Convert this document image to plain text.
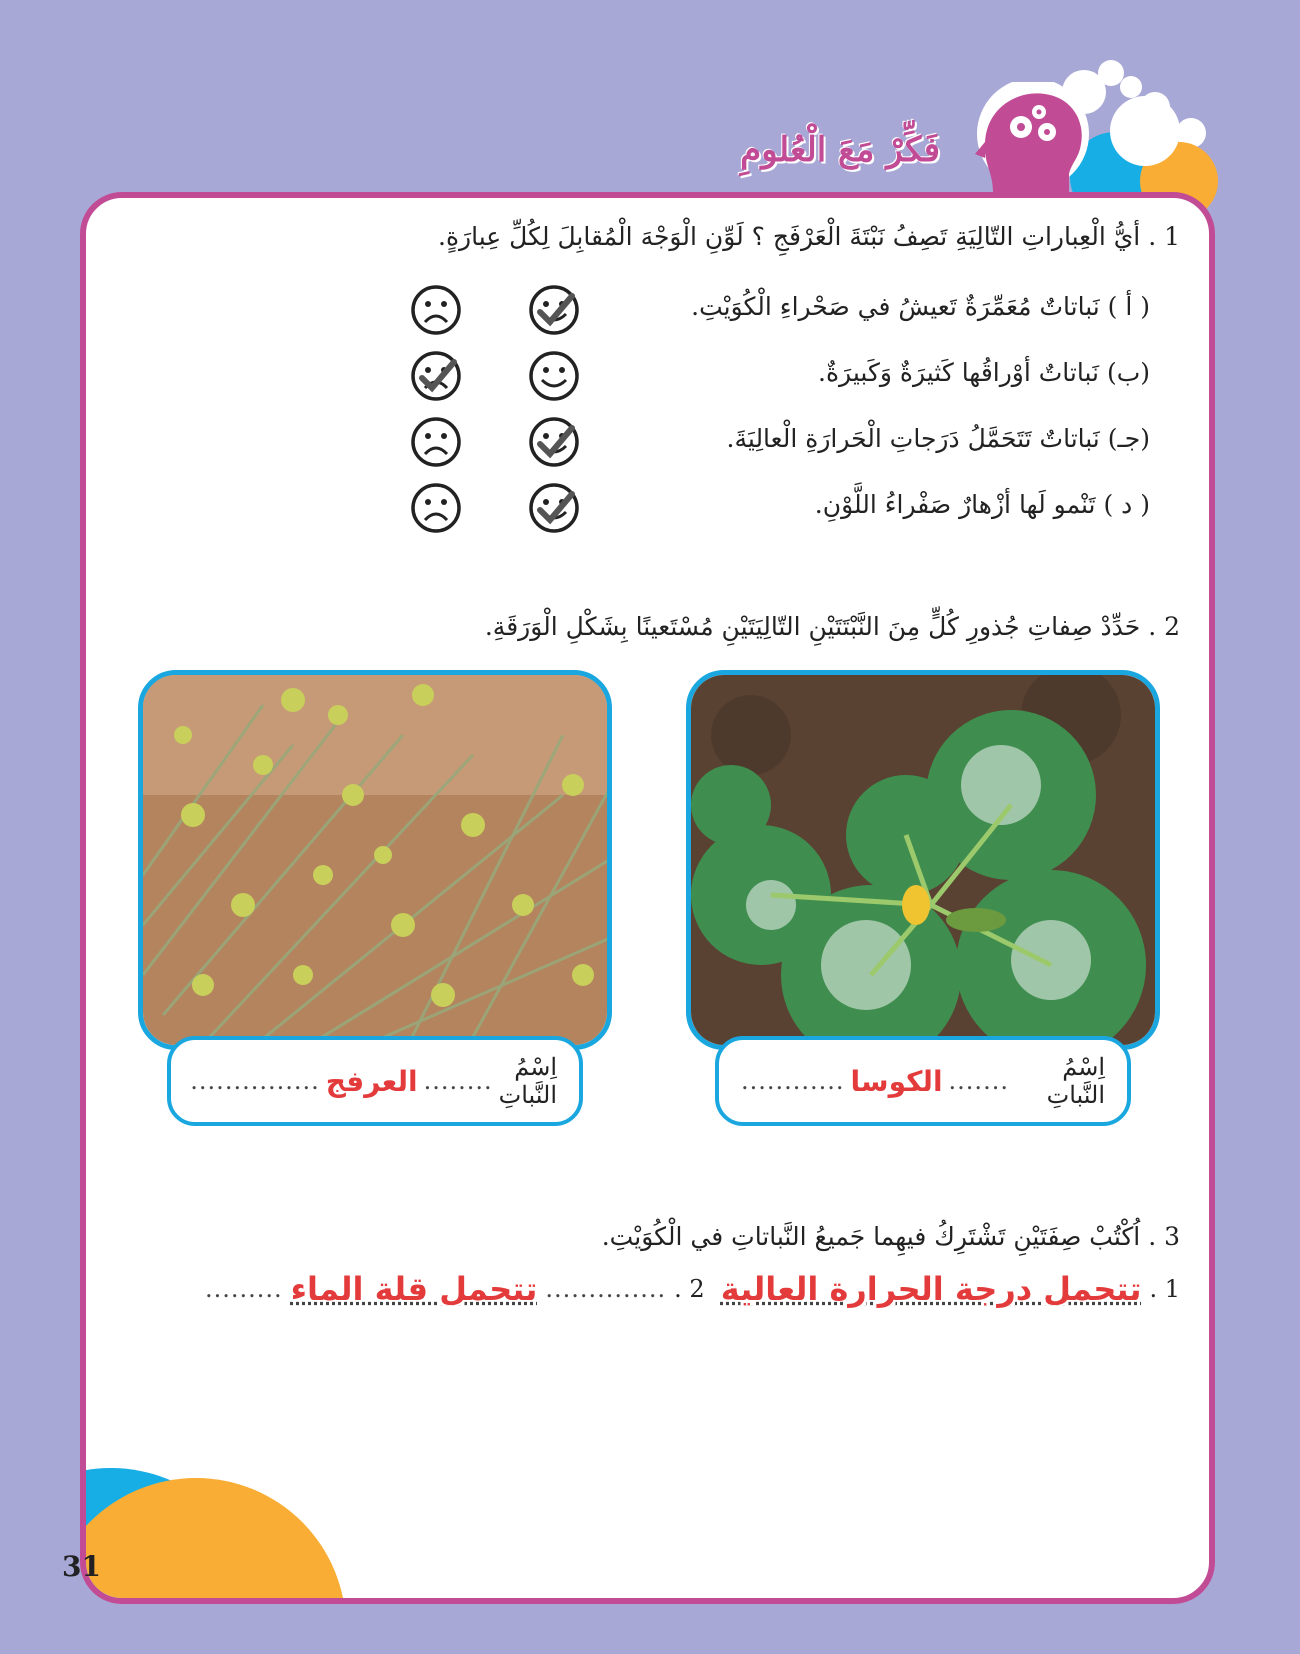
فَكِّرْ مَعَ الْعُلومِ
1 . أيُّ الْعِباراتِ التّالِيَةِ تَصِفُ نَبْتَةَ الْعَرْفَجِ ؟ لَوِّنِ الْوَجْهَ الْمُقابِلَ لِكُلِّ عِبارَةٍ.
( أ ) نَباتاتٌ مُعَمِّرَةٌ تَعيشُ في صَحْراءِ الْكُوَيْتِ.
(ب) نَباتاتٌ أوْراقُها كَثيرَةٌ وَكَبيرَةٌ.
(جـ) نَباتاتٌ تَتَحَمَّلُ دَرَجاتِ الْحَرارَةِ الْعالِيَةَ.
( د ) تَنْمو لَها أزْهارٌ صَفْراءُ اللَّوْنِ.
2 . حَدِّدْ صِفاتِ جُذورِ كُلٍّ مِنَ النَّبْتَتَيْنِ التّالِيَتَيْنِ مُسْتَعينًا بِشَكْلِ الْوَرَقَةِ.
اِسْمُ النَّباتِ
.......
الكوسا
............
اِسْمُ النَّباتِ
........
العرفج
...............
3 . اُكْتُبْ صِفَتَيْنِ تَشْتَرِكُ فيهِما جَميعُ النَّباتاتِ في الْكُوَيْتِ.
1 .
تتحمل درجة الحرارة العالية
2 .
..............
تتحمل قلة الماء
.........
31
